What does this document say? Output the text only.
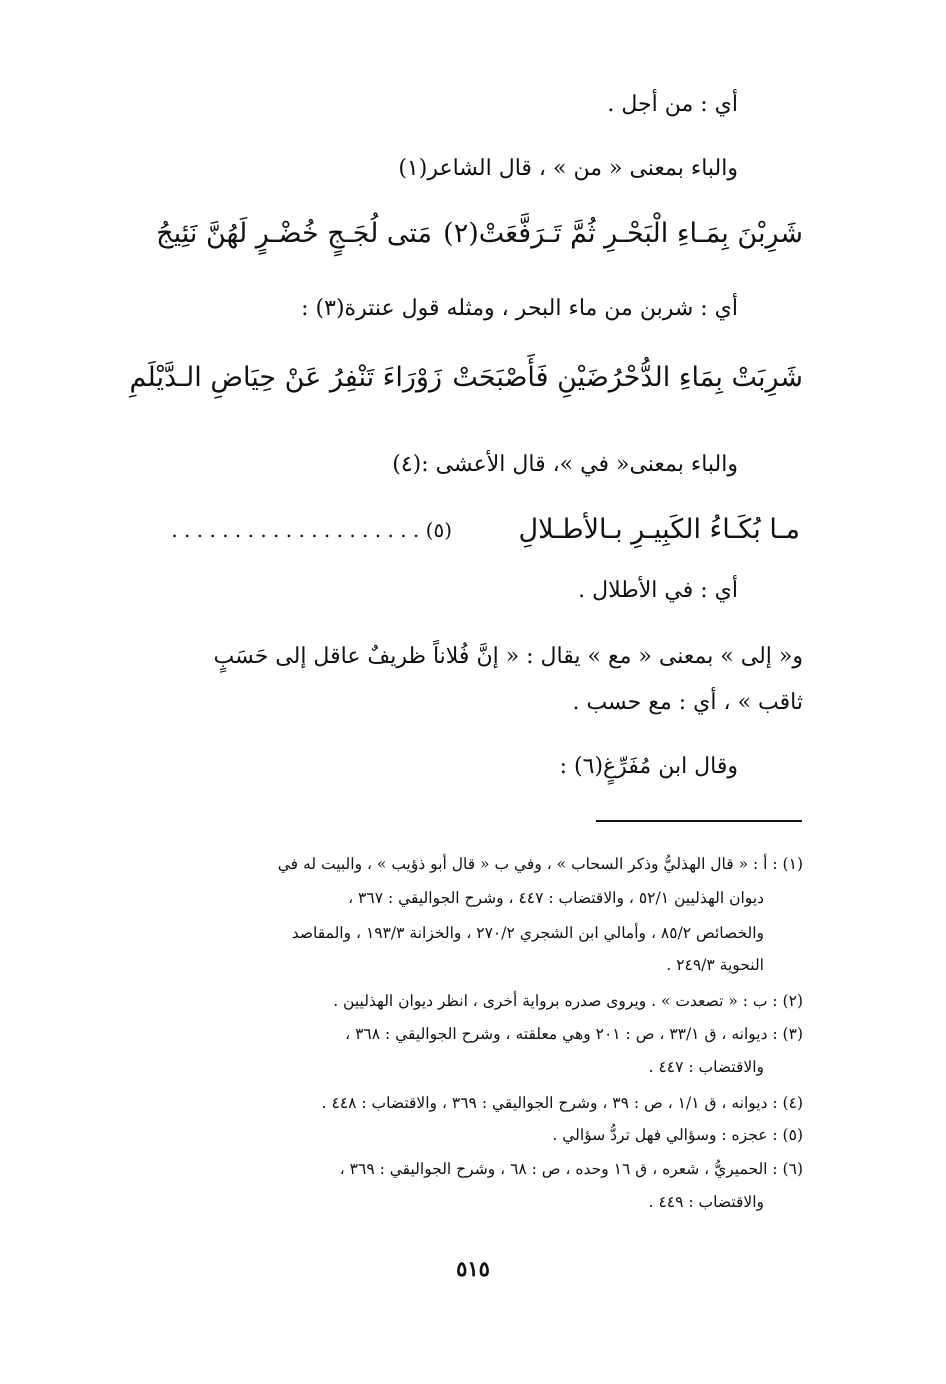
أي : من أجل .
والباء بمعنى « من » ، قال الشاعر(١)
شَرِبْنَ بِمَـاءِ الْبَحْـرِ ثُمَّ تَـرَفَّعَتْ(٢)
مَتى لُجَـجٍ خُضْـرٍ لَهُنَّ نَئِيجُ
أي : شربن من ماء البحر ، ومثله قول عنترة(٣) :
شَرِبَتْ بِمَاءِ الدُّحْرُضَيْنِ فَأَصْبَحَتْ
زَوْرَاءَ تَنْفِرُ عَنْ حِيَاضِ الـدَّيْلَمِ
والباء بمعنى« في »، قال الأعشى :(٤)
مـا بُكَـاءُ الكَبِيـرِ بـالأطـلالِ
(٥) . . . . . . . . . . . . . . . . . . . .
أي : في الأطلال .
و« إلى » بمعنى « مع » يقال : « إنَّ فُلاناً ظريفٌ عاقل إلى حَسَبٍ
ثاقب » ، أي : مع حسب .
وقال ابن مُفَرِّغٍ(٦) :
(١) : أ : « قال الهذليُّ وذكر السحاب » ، وفي ب « قال أبو ذؤيب » ، والبيت له في
ديوان الهذليين ٥٢/١ ، والاقتضاب : ٤٤٧ ، وشرح الجواليقي : ٣٦٧ ،
والخصائص ٨٥/٢ ، وأمالي ابن الشجري ٢٧٠/٢ ، والخزانة ١٩٣/٣ ، والمقاصد
النحوية ٢٤٩/٣ .
(٢) : ب : « تصعدت » . ويروى صدره برواية أخرى ، انظر ديوان الهذليين .
(٣) : ديوانه ، ق ٣٣/١ ، ص : ٢٠١ وهي معلقته ، وشرح الجواليقي : ٣٦٨ ،
والاقتضاب : ٤٤٧ .
(٤) : ديوانه ، ق ١/١ ، ص : ٣٩ ، وشرح الجواليقي : ٣٦٩ ، والاقتضاب : ٤٤٨ .
(٥) : عجزه : وسؤالي فهل تردُّ سؤالي .
(٦) : الحميريُّ ، شعره ، ق ١٦ وحده ، ص : ٦٨ ، وشرح الجواليقي : ٣٦٩ ،
والاقتضاب : ٤٤٩ .
٥١٥
